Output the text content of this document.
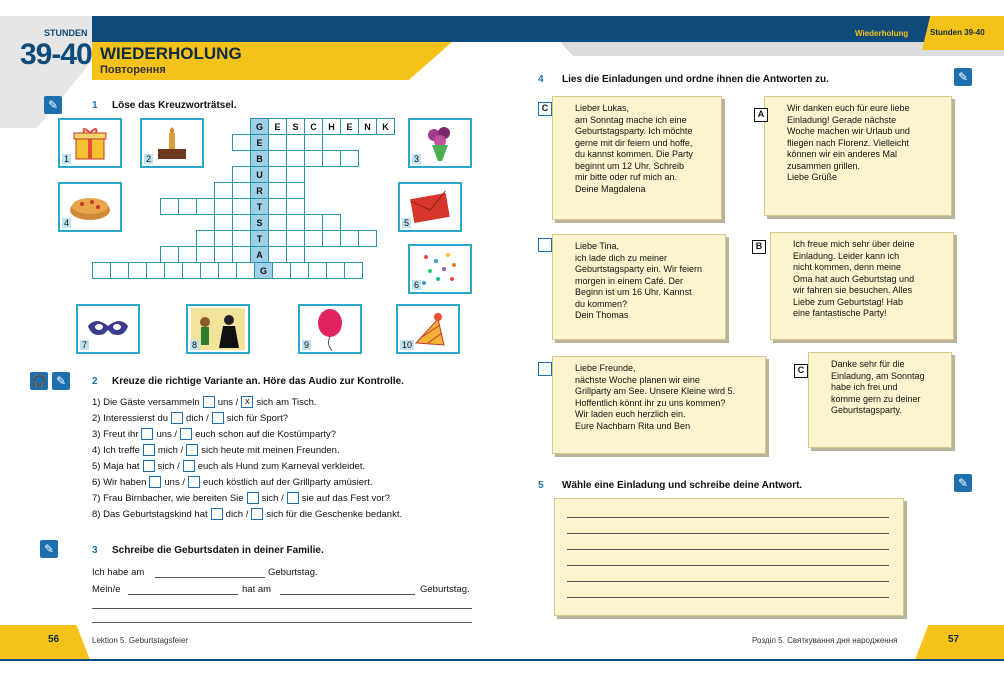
STUNDEN
39-40 WIEDERHOLUNG
Повторення
Wiederholung	Stunden 39-40
✎	1 Löse das Kreuzworträtsel.
1	2	3
4	5
6
7	8	9	10
G	E	S	C	H	E	N	K
	E			
B					
	U		
		R		
					T		
		S				
			T						
					A		
									G					
🎧 ✎	2 Kreuze die richtige Variante an. Höre das Audio zur Kontrolle.
1) Die Gäste versammeln uns / x sich am Tisch.
2) Interessierst du dich / sich für Sport?
3) Freut ihr uns / euch schon auf die Kostümparty?
4) Ich treffe mich / sich heute mit meinen Freunden.
5) Maja hat sich / euch als Hund zum Karneval verkleidet.
6) Wir haben uns / euch köstlich auf der Grillparty amüsiert.
7) Frau Birnbacher, wie bereiten Sie sich / sie auf das Fest vor?
8) Das Geburtstagskind hat dich / sich für die Geschenke bedankt.
✎	3 Schreibe die Geburtsdaten in deiner Familie.
Ich habe am	Geburtstag.
Mein/e	hat am	Geburtstag.
4 Lies die Einladungen und ordne ihnen die Antworten zu.	✎
Lieber Lukas,
am Sonntag mache ich eine
Geburtstagsparty. Ich möchte
gerne mit dir feiern und hoffe,
du kannst kommen. Die Party
beginnt um 12 Uhr. Schreib
mir bitte oder ruf mich an.
Deine Magdalena
C
Liebe Tina,
ich lade dich zu meiner
Geburtstagsparty ein. Wir feiern
morgen in einem Café. Der
Beginn ist um 16 Uhr. Kannst
du kommen?
Dein Thomas
Liebe Freunde,
nächste Woche planen wir eine
Grillparty am See. Unsere Kleine wird 5.
Hoffentlich könnt ihr zu uns kommen?
Wir laden euch herzlich ein.
Eure Nachbarn Rita und Ben
Wir danken euch für eure liebe
Einladung! Gerade nächste
Woche machen wir Urlaub und
fliegen nach Florenz. Vielleicht
können wir ein anderes Mal
zusammen grillen.
Liebe Grüße
A
Ich freue mich sehr über deine
Einladung. Leider kann ich
nicht kommen, denn meine
Oma hat auch Geburtstag und
wir fahren sie besuchen. Alles
Liebe zum Geburtstag! Hab
eine fantastische Party!
B
Danke sehr für die
Einladung, am Sonntag
habe ich frei und
komme gern zu deiner
Geburtstagsparty.
C
5 Wähle eine Einladung und schreibe deine Antwort.	✎
56	Lektion 5. Geburtstagsfeier	Розділ 5. Святкування дня народження	57
